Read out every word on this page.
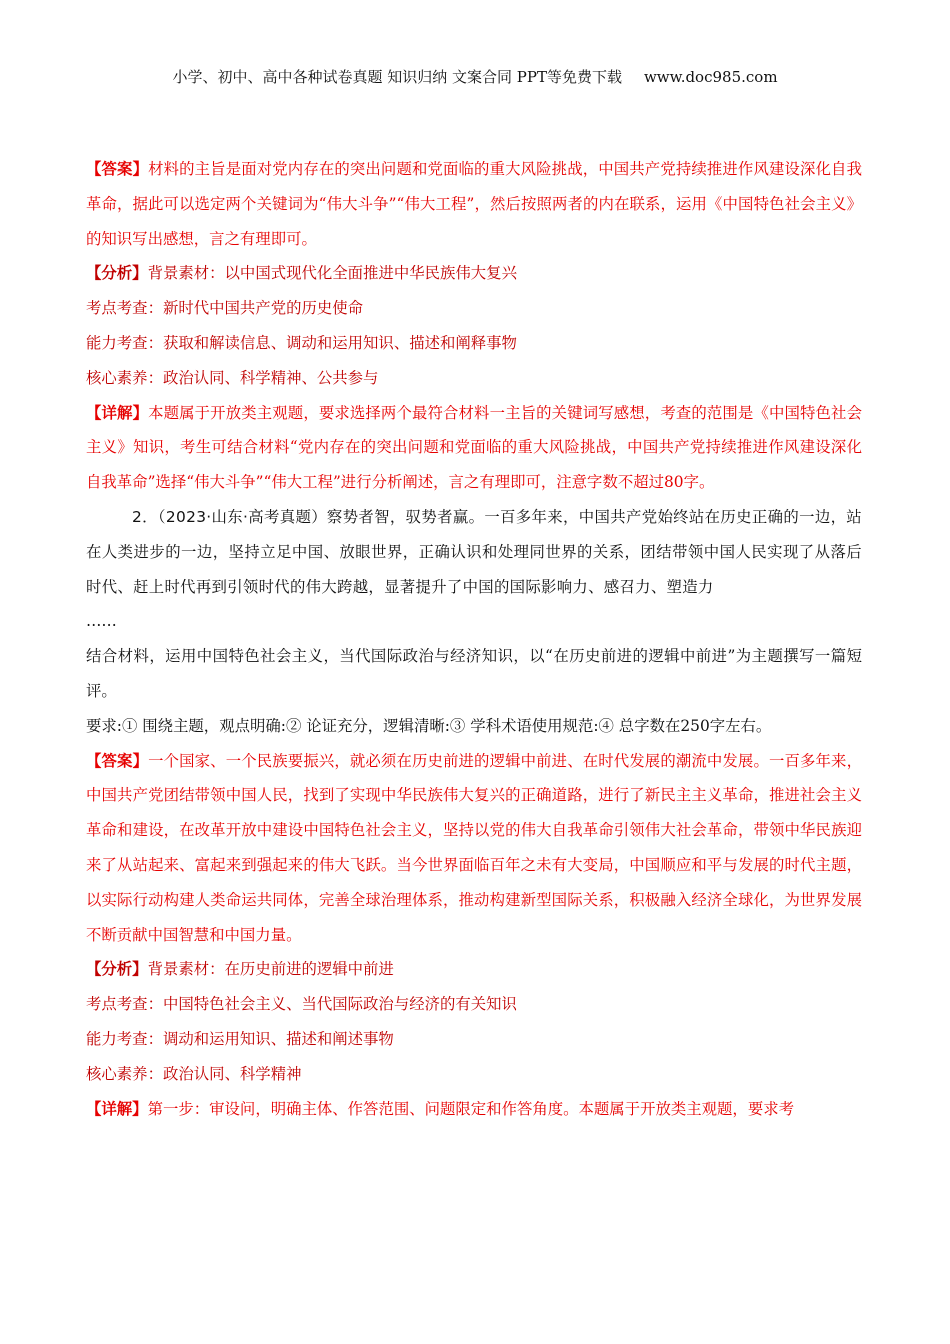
小学、初中、高中各种试卷真题 知识归纳 文案合同 PPT等免费下载 www.doc985.com

【答案】材料的主旨是面对党内存在的突出问题和党面临的重大风险挑战，中国共产党持续推进作风建设深化自我革命，据此可以选定两个关键词为“伟大斗争”“伟大工程”，然后按照两者的内在联系，运用《中国特色社会主义》的知识写出感想，言之有理即可。

【分析】背景素材：以中国式现代化全面推进中华民族伟大复兴

考点考查：新时代中国共产党的历史使命

能力考查：获取和解读信息、调动和运用知识、描述和阐释事物

核心素养：政治认同、科学精神、公共参与

【详解】本题属于开放类主观题，要求选择两个最符合材料一主旨的关键词写感想，考查的范围是《中国特色社会主义》知识，考生可结合材料“党内存在的突出问题和党面临的重大风险挑战，中国共产党持续推进作风建设深化自我革命”选择“伟大斗争”“伟大工程”进行分析阐述，言之有理即可，注意字数不超过80字。

2．（2023·山东·高考真题）察势者智，驭势者赢。一百多年来，中国共产党始终站在历史正确的一边，站在人类进步的一边，坚持立足中国、放眼世界，正确认识和处理同世界的关系，团结带领中国人民实现了从落后时代、赶上时代再到引领时代的伟大跨越，显著提升了中国的国际影响力、感召力、塑造力

……

结合材料，运用中国特色社会主义，当代国际政治与经济知识，以“在历史前进的逻辑中前进”为主题撰写一篇短评。

要求:① 围绕主题，观点明确:② 论证充分，逻辑清晰:③ 学科术语使用规范:④ 总字数在250字左右。

【答案】一个国家、一个民族要振兴，就必须在历史前进的逻辑中前进、在时代发展的潮流中发展。一百多年来，中国共产党团结带领中国人民，找到了实现中华民族伟大复兴的正确道路，进行了新民主主义革命，推进社会主义革命和建设，在改革开放中建设中国特色社会主义，坚持以党的伟大自我革命引领伟大社会革命，带领中华民族迎来了从站起来、富起来到强起来的伟大飞跃。当今世界面临百年之未有大变局，中国顺应和平与发展的时代主题，以实际行动构建人类命运共同体，完善全球治理体系，推动构建新型国际关系，积极融入经济全球化，为世界发展不断贡献中国智慧和中国力量。

【分析】背景素材：在历史前进的逻辑中前进

考点考查：中国特色社会主义、当代国际政治与经济的有关知识

能力考查：调动和运用知识、描述和阐述事物

核心素养：政治认同、科学精神

【详解】第一步：审设问，明确主体、作答范围、问题限定和作答角度。本题属于开放类主观题，要求考
